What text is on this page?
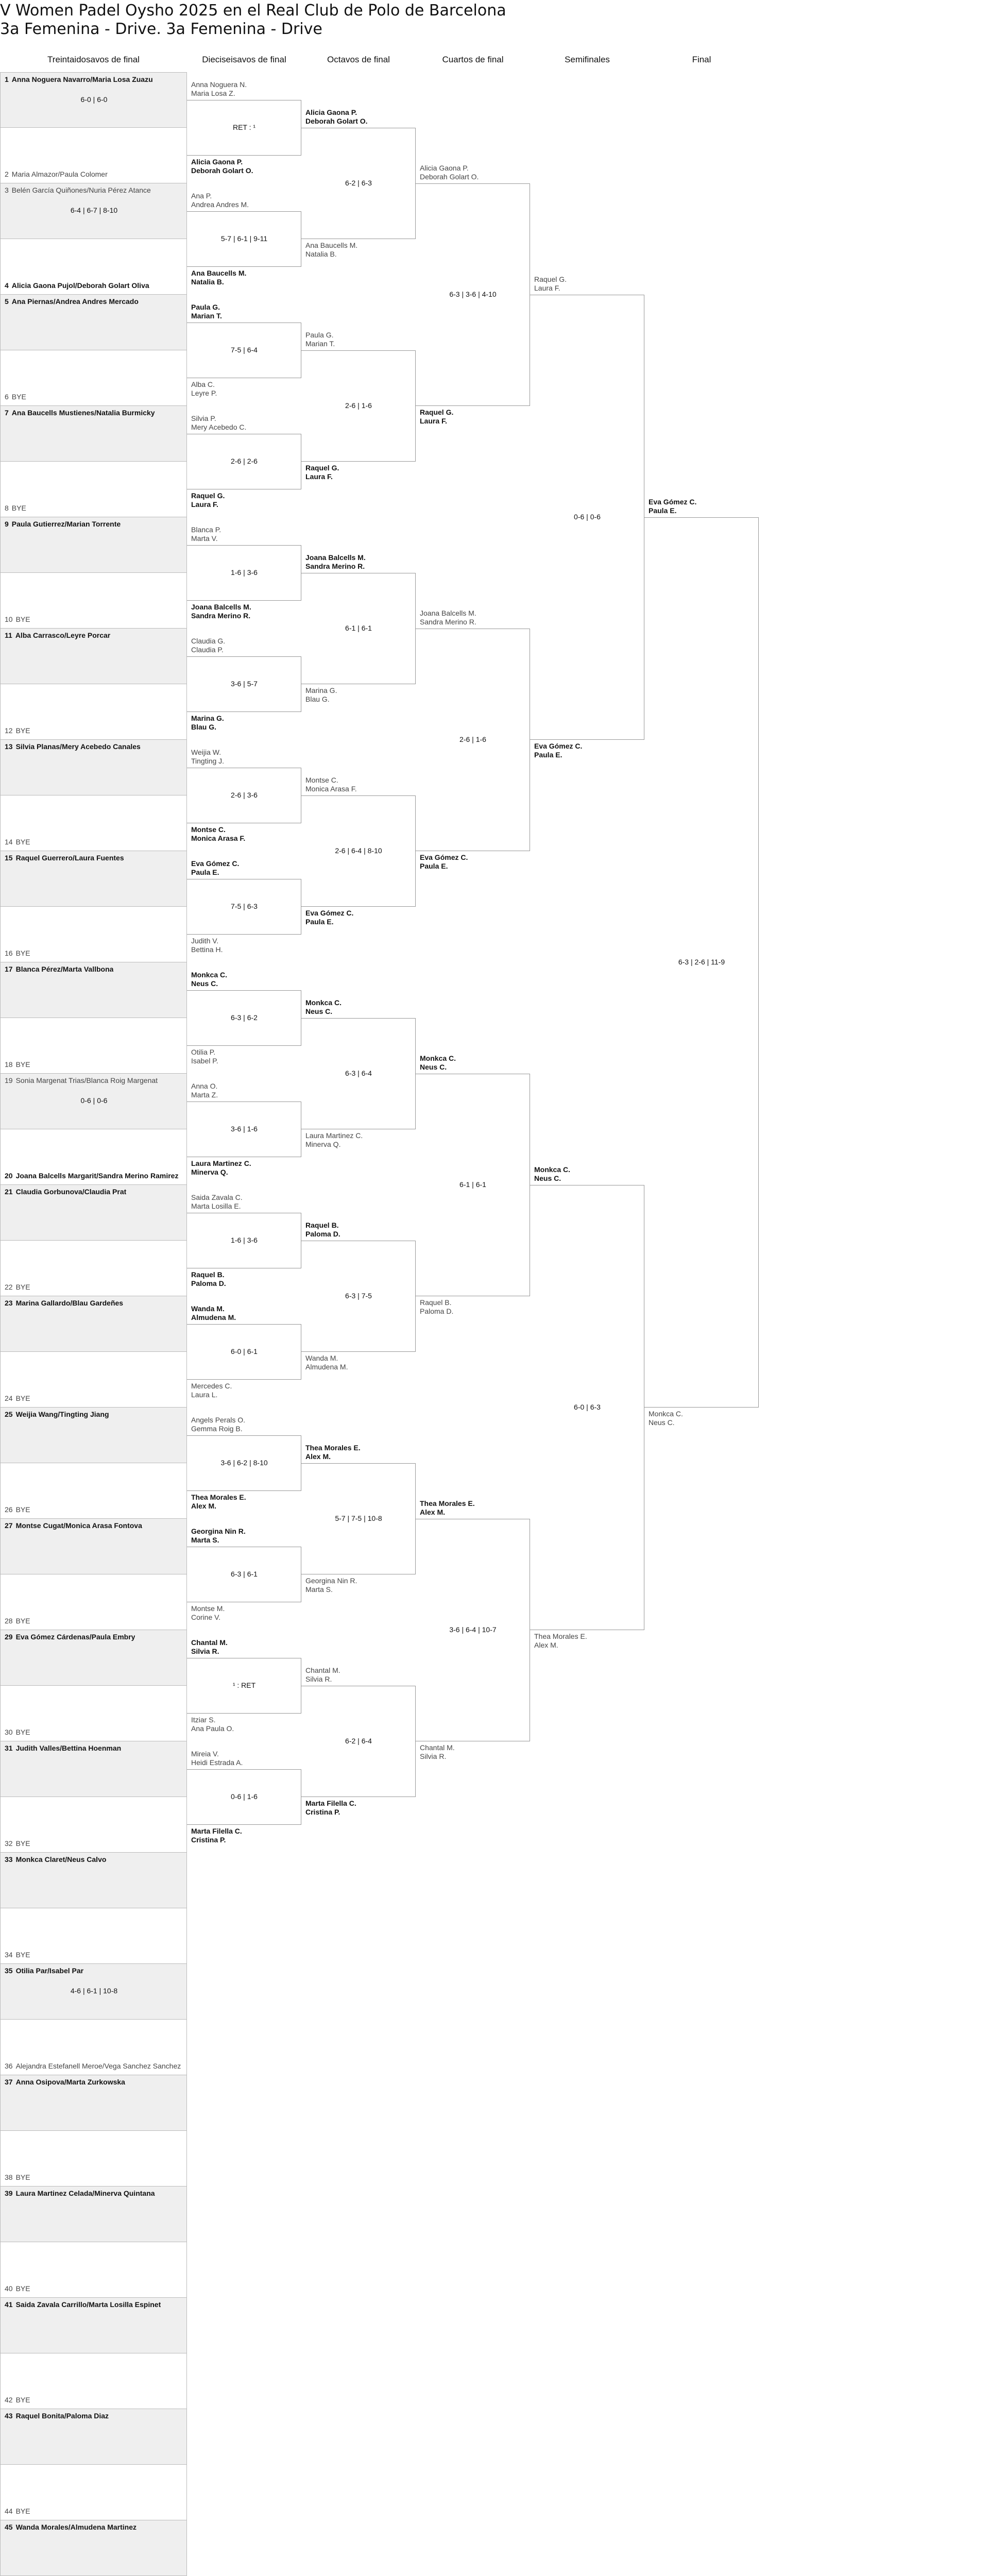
V Women Padel Oysho 2025 en el Real Club de Polo de Barcelona
3a Femenina - Drive. 3a Femenina - Drive
Treintaidosavos de final	Dieciseisavos de final	Octavos de final	Cuartos de final	Semifinales	Final
1 Anna Noguera Navarro/Maria Losa Zuazu
6-0 | 6-0
2 Maria Almazor/Paula Colomer
3 Belén García Quiñones/Nuria Pérez Atance
6-4 | 6-7 | 8-10
4 Alicia Gaona Pujol/Deborah Golart Oliva
5 Ana Piernas/Andrea Andres Mercado
6 BYE
7 Ana Baucells Mustienes/Natalia Burmicky
8 BYE
9 Paula Gutierrez/Marian Torrente
10 BYE
11 Alba Carrasco/Leyre Porcar
12 BYE
13 Silvia Planas/Mery Acebedo Canales
14 BYE
15 Raquel Guerrero/Laura Fuentes
16 BYE
17 Blanca Pérez/Marta Vallbona
18 BYE
19 Sonia Margenat Trias/Blanca Roig Margenat
0-6 | 0-6
20 Joana Balcells Margarit/Sandra Merino Ramirez
21 Claudia Gorbunova/Claudia Prat
22 BYE
23 Marina Gallardo/Blau Gardeñes
24 BYE
25 Weijia Wang/Tingting Jiang
26 BYE
27 Montse Cugat/Monica Arasa Fontova
28 BYE
29 Eva Gómez Cárdenas/Paula Embry
30 BYE
31 Judith Valles/Bettina Hoenman
32 BYE
33 Monkca Claret/Neus Calvo
34 BYE
35 Otilia Par/Isabel Par
4-6 | 6-1 | 10-8
36 Alejandra Estefanell Meroe/Vega Sanchez Sanchez
37 Anna Osipova/Marta Zurkowska
38 BYE
39 Laura Martinez Celada/Minerva Quintana
40 BYE
41 Saida Zavala Carrillo/Marta Losilla Espinet
42 BYE
43 Raquel Bonita/Paloma Diaz
44 BYE
45 Wanda Morales/Almudena Martinez
Anna Noguera N.
Maria Losa Z.
Alicia Gaona P.
Deborah Golart O.
RET : ¹
Ana P.
Andrea Andres M.
Ana Baucells M.
Natalia B.
5-7 | 6-1 | 9-11
Paula G.
Marian T.
Alba C.
Leyre P.
7-5 | 6-4
Silvia P.
Mery Acebedo C.
Raquel G.
Laura F.
2-6 | 2-6
Blanca P.
Marta V.
Joana Balcells M.
Sandra Merino R.
1-6 | 3-6
Claudia G.
Claudia P.
Marina G.
Blau G.
3-6 | 5-7
Weijia W.
Tingting J.
Montse C.
Monica Arasa F.
2-6 | 3-6
Eva Gómez C.
Paula E.
Judith V.
Bettina H.
7-5 | 6-3
Monkca C.
Neus C.
Otilia P.
Isabel P.
6-3 | 6-2
Anna O.
Marta Z.
Laura Martinez C.
Minerva Q.
3-6 | 1-6
Saida Zavala C.
Marta Losilla E.
Raquel B.
Paloma D.
1-6 | 3-6
Wanda M.
Almudena M.
Mercedes C.
Laura L.
6-0 | 6-1
Angels Perals O.
Gemma Roig B.
Thea Morales E.
Alex M.
3-6 | 6-2 | 8-10
Georgina Nin R.
Marta S.
Montse M.
Corine V.
6-3 | 6-1
Chantal M.
Silvia R.
Itziar S.
Ana Paula O.
¹ : RET
Mireia V.
Heidi Estrada A.
Marta Filella C.
Cristina P.
0-6 | 1-6
Alicia Gaona P.
Deborah Golart O.
Ana Baucells M.
Natalia B.
6-2 | 6-3
Paula G.
Marian T.
Raquel G.
Laura F.
2-6 | 1-6
Joana Balcells M.
Sandra Merino R.
Marina G.
Blau G.
6-1 | 6-1
Montse C.
Monica Arasa F.
Eva Gómez C.
Paula E.
2-6 | 6-4 | 8-10
Monkca C.
Neus C.
Laura Martinez C.
Minerva Q.
6-3 | 6-4
Raquel B.
Paloma D.
Wanda M.
Almudena M.
6-3 | 7-5
Thea Morales E.
Alex M.
Georgina Nin R.
Marta S.
5-7 | 7-5 | 10-8
Chantal M.
Silvia R.
Marta Filella C.
Cristina P.
6-2 | 6-4
Alicia Gaona P.
Deborah Golart O.
Raquel G.
Laura F.
6-3 | 3-6 | 4-10
Joana Balcells M.
Sandra Merino R.
Eva Gómez C.
Paula E.
2-6 | 1-6
Monkca C.
Neus C.
Raquel B.
Paloma D.
6-1 | 6-1
Thea Morales E.
Alex M.
Chantal M.
Silvia R.
3-6 | 6-4 | 10-7
Raquel G.
Laura F.
Eva Gómez C.
Paula E.
0-6 | 0-6
Monkca C.
Neus C.
Thea Morales E.
Alex M.
6-0 | 6-3
Eva Gómez C.
Paula E.
Monkca C.
Neus C.
6-3 | 2-6 | 11-9
